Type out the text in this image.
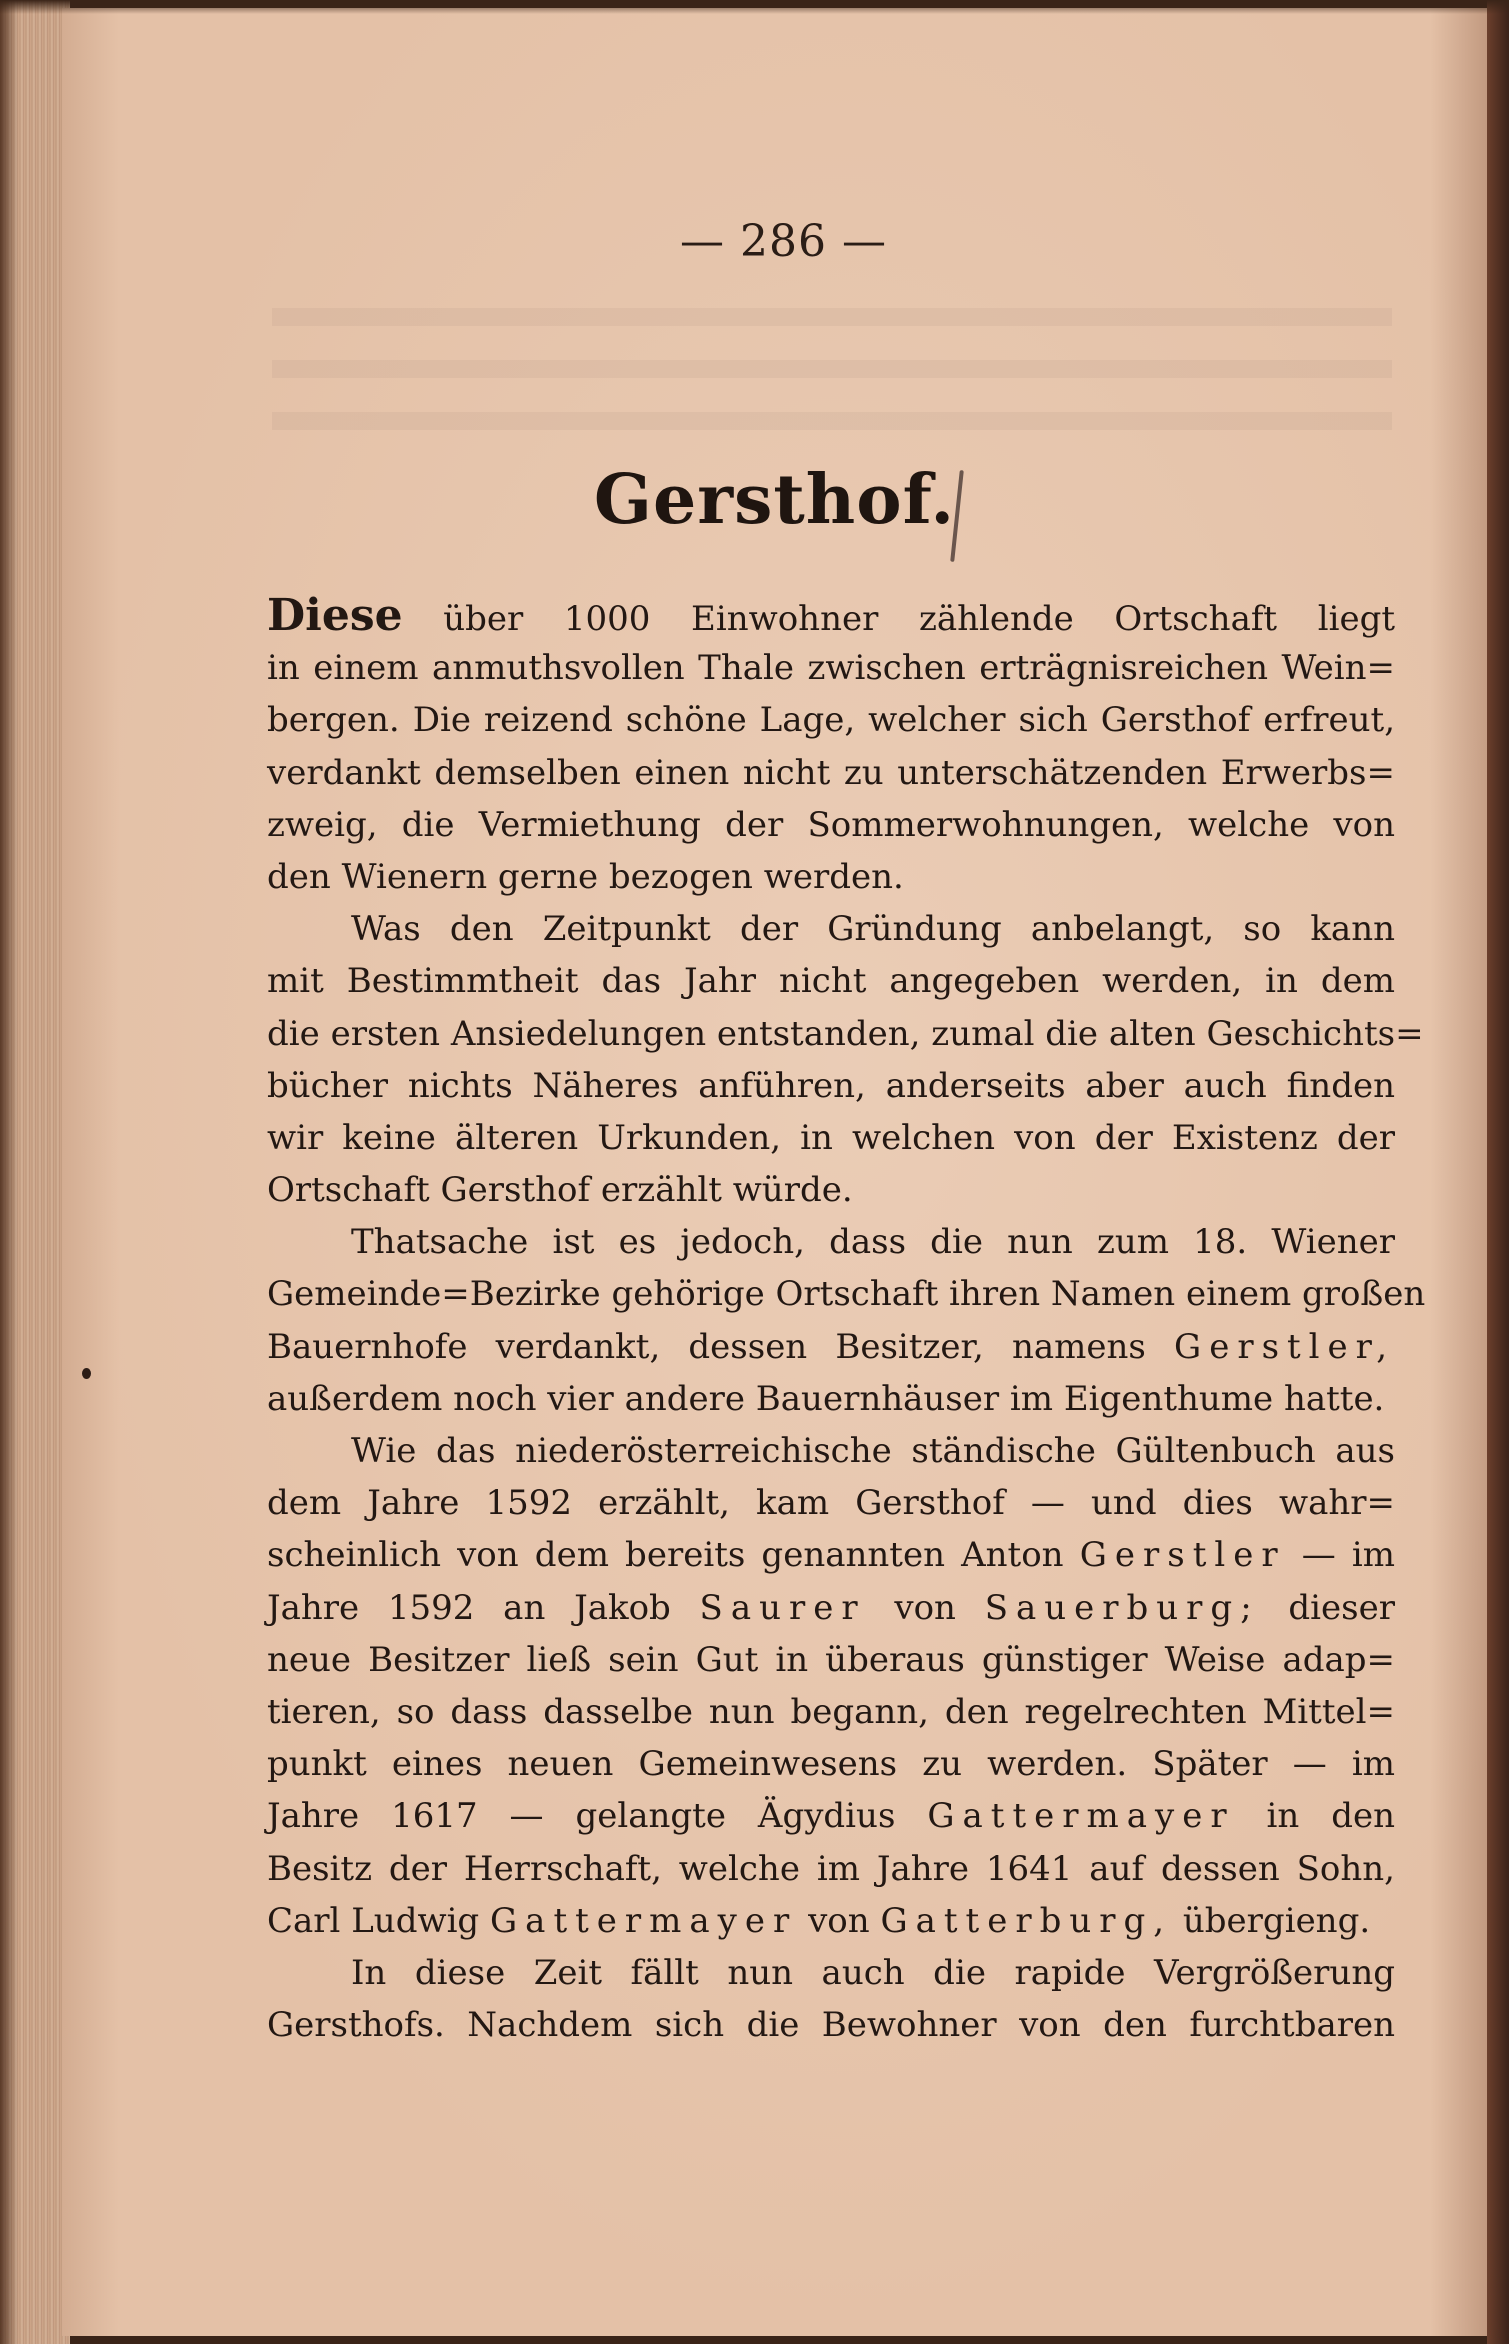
— 286 —
Gersthof.
Diese über 1000 Einwohner zählende Ortschaft liegt
in einem anmuthsvollen Thale zwischen erträgnisreichen Wein=
bergen. Die reizend schöne Lage, welcher sich Gersthof erfreut,
verdankt demselben einen nicht zu unterschätzenden Erwerbs=
zweig, die Vermiethung der Sommerwohnungen, welche von
den Wienern gerne bezogen werden.
Was den Zeitpunkt der Gründung anbelangt, so kann
mit Bestimmtheit das Jahr nicht angegeben werden, in dem
die ersten Ansiedelungen entstanden, zumal die alten Geschichts=
bücher nichts Näheres anführen, anderseits aber auch finden
wir keine älteren Urkunden, in welchen von der Existenz der
Ortschaft Gersthof erzählt würde.
Thatsache ist es jedoch, dass die nun zum 18. Wiener
Gemeinde=Bezirke gehörige Ortschaft ihren Namen einem großen
Bauernhofe verdankt, dessen Besitzer, namens Gerstler,
außerdem noch vier andere Bauernhäuser im Eigenthume hatte.
Wie das niederösterreichische ständische Gültenbuch aus
dem Jahre 1592 erzählt, kam Gersthof — und dies wahr=
scheinlich von dem bereits genannten Anton Gerstler — im
Jahre 1592 an Jakob Saurer von Sauerburg; dieser
neue Besitzer ließ sein Gut in überaus günstiger Weise adap=
tieren, so dass dasselbe nun begann, den regelrechten Mittel=
punkt eines neuen Gemeinwesens zu werden. Später — im
Jahre 1617 — gelangte Ägydius Gattermayer in den
Besitz der Herrschaft, welche im Jahre 1641 auf dessen Sohn,
Carl Ludwig Gattermayer von Gatterburg, übergieng.
In diese Zeit fällt nun auch die rapide Vergrößerung
Gersthofs. Nachdem sich die Bewohner von den furchtbaren
